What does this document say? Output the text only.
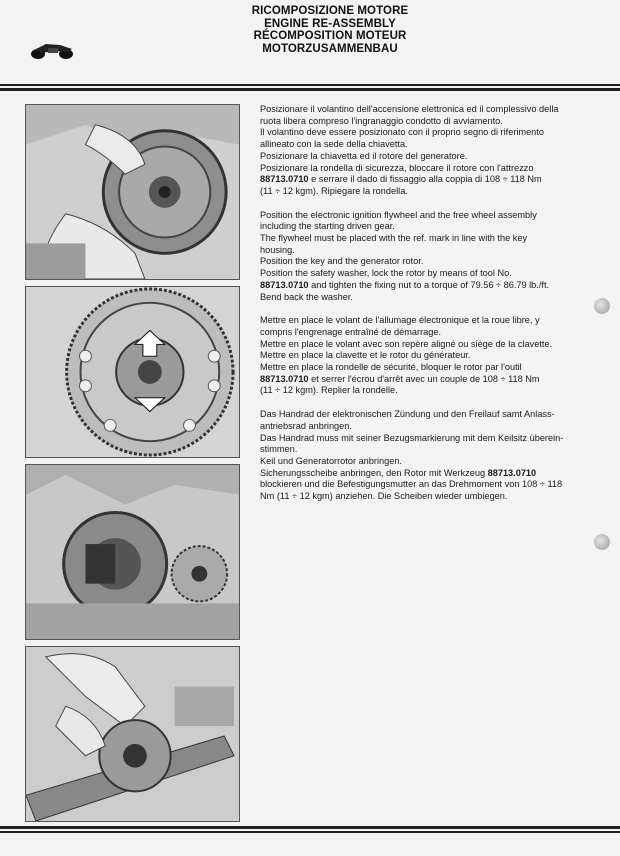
RICOMPOSIZIONE MOTORE
ENGINE RE-ASSEMBLY
RÉCOMPOSITION MOTEUR
MOTORZUSAMMENBAU
Posizionare il volantino dell'accensione elettronica ed il complessivo della
ruota libera compreso l'ingranaggio condotto di avviamento.
Il volantino deve essere posizionato con il proprio segno di riferimento
allineato con la sede della chiavetta.
Posizionare la chiavetta ed il rotore del generatore.
Posizionare la rondella di sicurezza, bloccare il rotore con l'attrezzo
88713.0710 e serrare il dado di fissaggio alla coppia di 108 ÷ 118 Nm
(11 ÷ 12 kgm). Ripiegare la rondella.
Position the electronic ignition flywheel and the free wheel assembly
including the starting driven gear.
The flywheel must be placed with the ref. mark in line with the key
housing.
Position the key and the generator rotor.
Position the safety washer, lock the rotor by means of tool No.
88713.0710 and tighten the fixing nut to a torque of 79.56 ÷ 86.79 lb./ft.
Bend back the washer.
Mettre en place le volant de l'allumage électronique et la roue libre, y
compris l'engrenage entraîné de démarrage.
Mettre en place le volant avec son repère aligné ou siège de la clavette.
Mettre en place la clavette et le rotor du générateur.
Mettre en place la rondelle de sécurité, bloquer le rotor par l'outil
88713.0710 et serrer l'écrou d'arrêt avec un couple de 108 ÷ 118 Nm
(11 ÷ 12 kgm). Replier la rondelle.
Das Handrad der elektronischen Zündung und den Freilauf samt Anlass-
antriebsrad anbringen.
Das Handrad muss mit seiner Bezugsmarkierung mit dem Keilsitz überein-
stimmen.
Keil und Generatorrotor anbringen.
Sicherungsscheibe anbringen, den Rotor mit Werkzeug 88713.0710
blockieren und die Befestigungsmutter an das Drehmoment von 108 ÷ 118
Nm (11 ÷ 12 kgm) anziehen. Die Scheiben wieder umbiegen.
